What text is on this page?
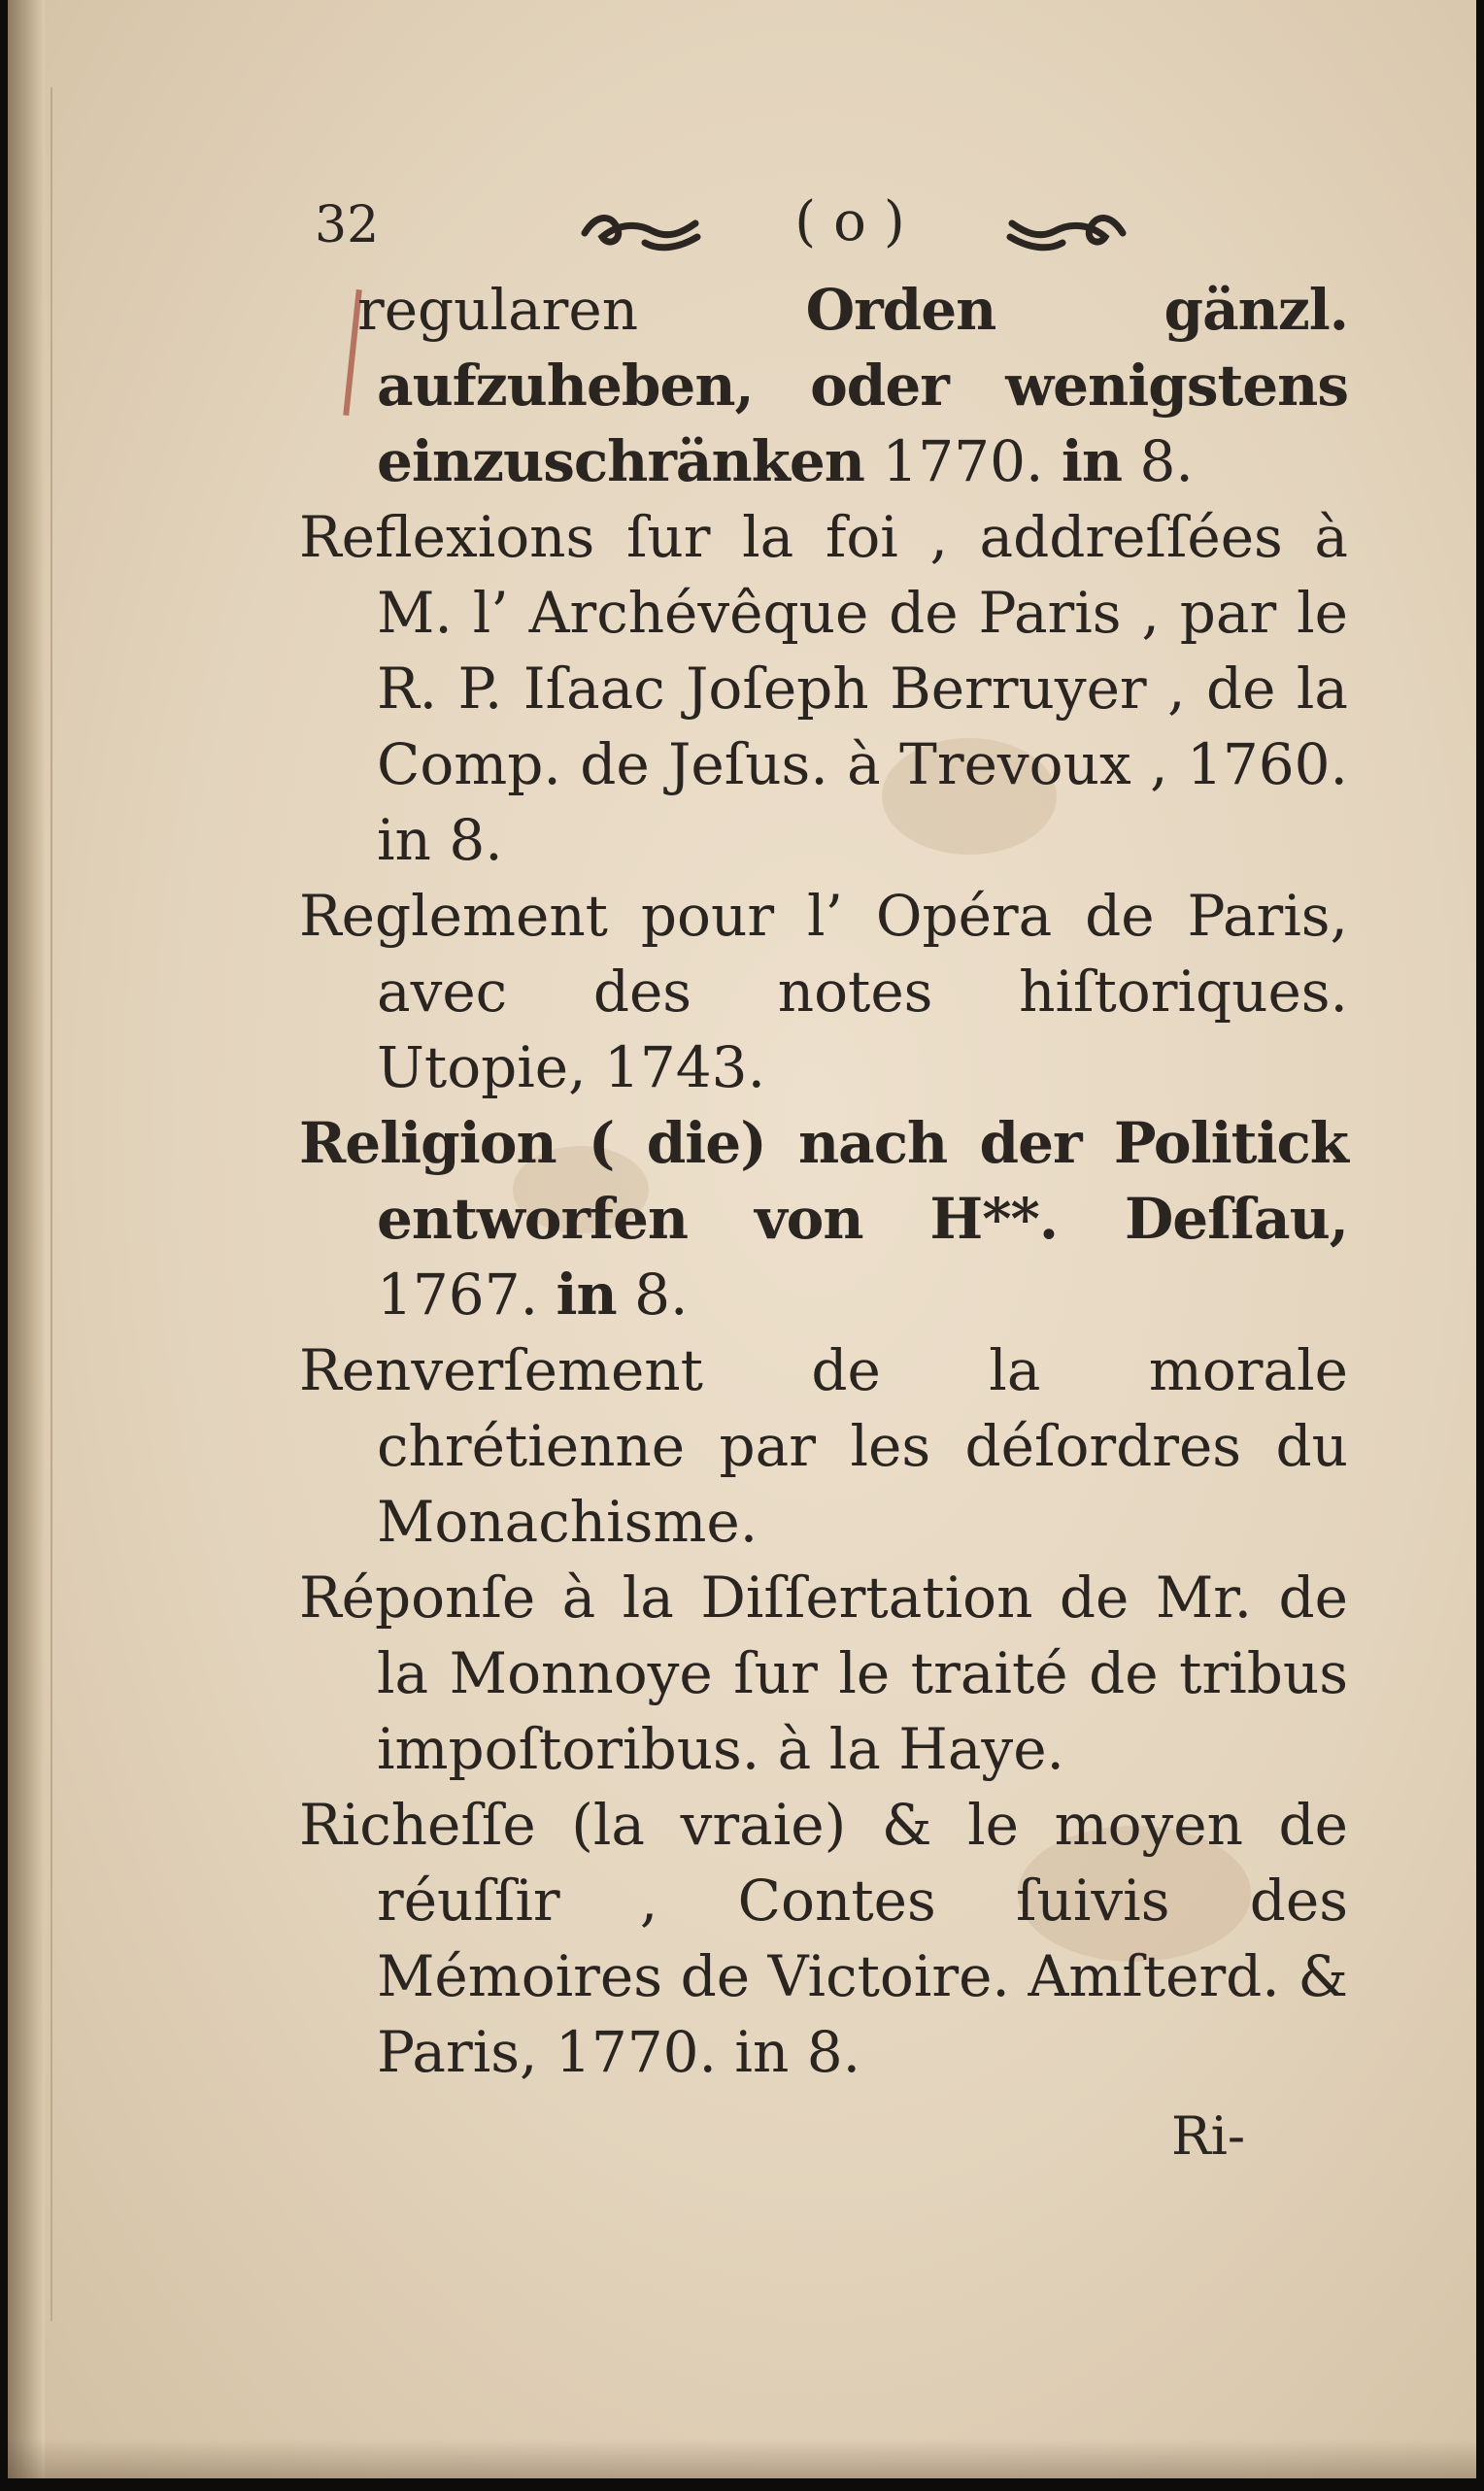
32	(o)

regularen Orden gänzl. aufzuheben, oder wenigstens einzuschränken 1770. in 8.

Reflexions ſur la foi , addreſſées à M. l’ Archévêque de Paris , par le R. P. Iſaac Joſeph Berruyer , de la Comp. de Jeſus. à Trevoux , 1760. in 8.

Reglement pour l’ Opéra de Paris, avec des notes hiſtoriques. Utopie, 1743.

Religion ( die) nach der Politick entworfen von H**. Deſſau, 1767. in 8.

Renverſement de la morale chrétienne par les déſordres du Monachisme.

Réponſe à la Diſſertation de Mr. de la Monnoye ſur le traité de tribus impoſtoribus. à la Haye.

Richeſſe (la vraie) & le moyen de réuſſir , Contes ſuivis des Mémoires de Victoire. Amſterd. & Paris, 1770. in 8.

Ri-
